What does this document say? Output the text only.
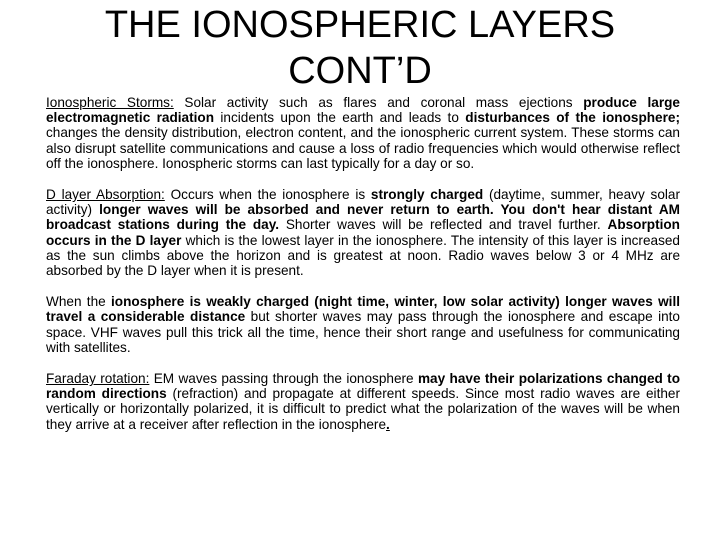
THE IONOSPHERIC LAYERS
CONT’D

Ionospheric Storms: Solar activity such as flares and coronal mass ejections produce large electromagnetic radiation incidents upon the earth and leads to disturbances of the ionosphere; changes the density distribution, electron content, and the ionospheric current system. These storms can also disrupt satellite communications and cause a loss of radio frequencies which would otherwise reflect off the ionosphere. Ionospheric storms can last typically for a day or so.

D layer Absorption: Occurs when the ionosphere is strongly charged (daytime, summer, heavy solar activity) longer waves will be absorbed and never return to earth. You don't hear distant AM broadcast stations during the day. Shorter waves will be reflected and travel further. Absorption occurs in the D layer which is the lowest layer in the ionosphere. The intensity of this layer is increased as the sun climbs above the horizon and is greatest at noon. Radio waves below 3 or 4 MHz are absorbed by the D layer when it is present.

When the ionosphere is weakly charged (night time, winter, low solar activity) longer waves will travel a considerable distance but shorter waves may pass through the ionosphere and escape into space. VHF waves pull this trick all the time, hence their short range and usefulness for communicating with satellites.

Faraday rotation: EM waves passing through the ionosphere may have their polarizations changed to random directions (refraction) and propagate at different speeds. Since most radio waves are either vertically or horizontally polarized, it is difficult to predict what the polarization of the waves will be when they arrive at a receiver after reflection in the ionosphere.
